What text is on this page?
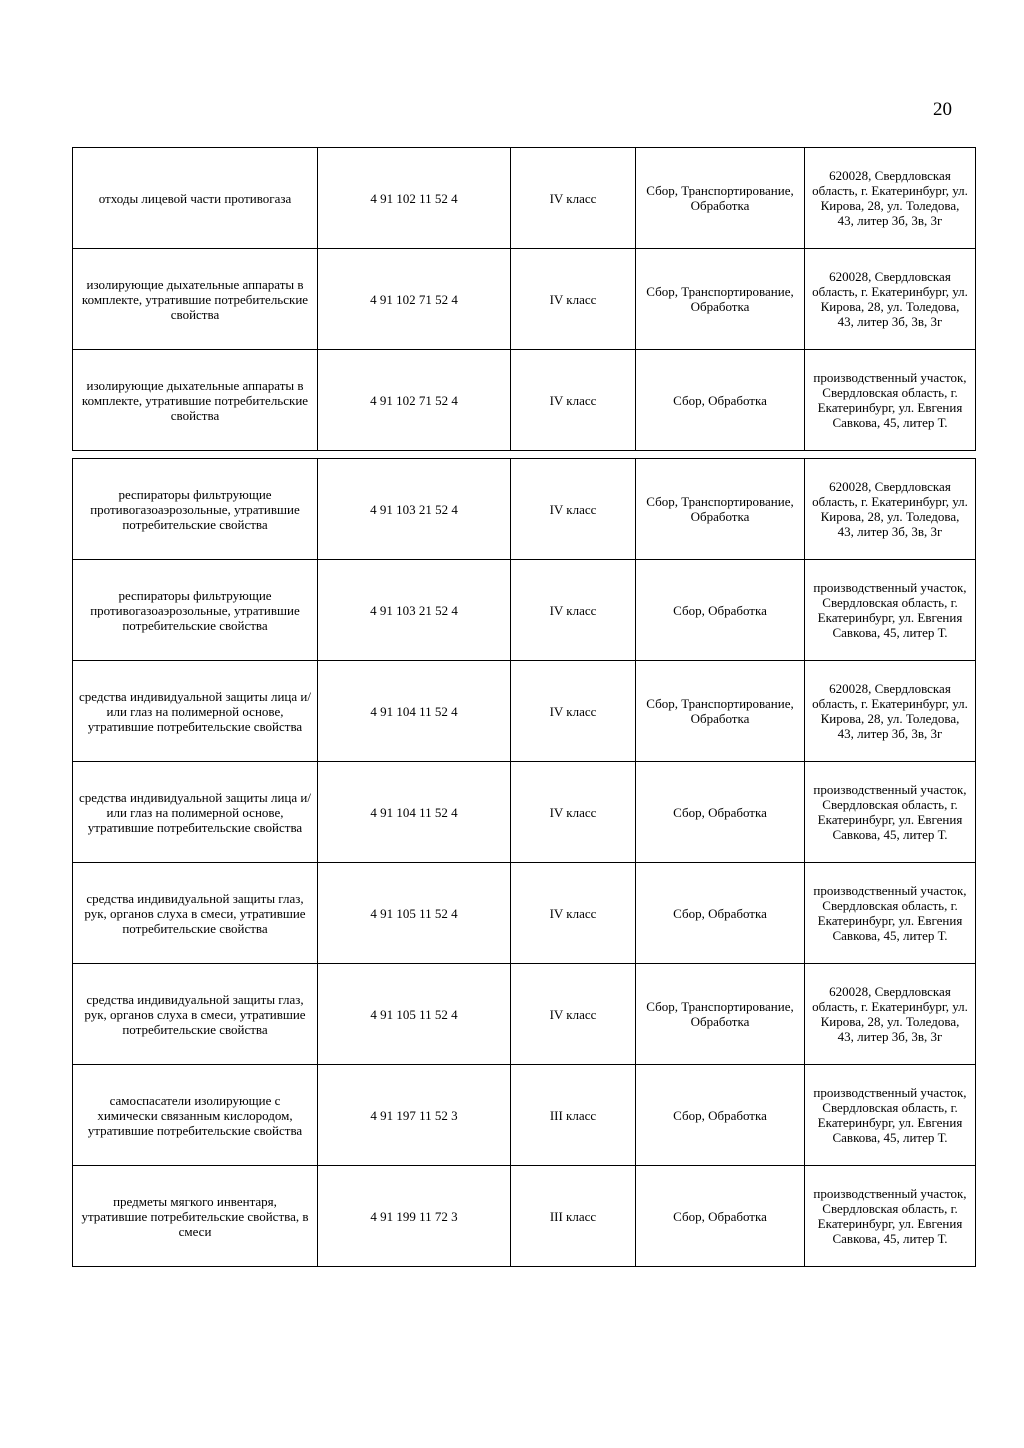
20
отходы лицевой части противогаза	4 91 102 11 52 4	IV класс	Сбор, Транспортирование, Обработка	620028, Свердловская область, г. Екатеринбург, ул. Кирова, 28, ул. Толедова, 43, литер 3б, 3в, 3г
изолирующие дыхательные аппараты в комплекте, утратившие потребительские свойства	4 91 102 71 52 4	IV класс	Сбор, Транспортирование, Обработка	620028, Свердловская область, г. Екатеринбург, ул. Кирова, 28, ул. Толедова, 43, литер 3б, 3в, 3г
изолирующие дыхательные аппараты в комплекте, утратившие потребительские свойства	4 91 102 71 52 4	IV класс	Сбор, Обработка	производственный участок, Свердловская область, г. Екатеринбург, ул. Евгения Савкова, 45, литер Т.
респираторы фильтрующие противогазоаэрозольные, утратившие потребительские свойства	4 91 103 21 52 4	IV класс	Сбор, Транспортирование, Обработка	620028, Свердловская область, г. Екатеринбург, ул. Кирова, 28, ул. Толедова, 43, литер 3б, 3в, 3г
респираторы фильтрующие противогазоаэрозольные, утратившие потребительские свойства	4 91 103 21 52 4	IV класс	Сбор, Обработка	производственный участок, Свердловская область, г. Екатеринбург, ул. Евгения Савкова, 45, литер Т.
средства индивидуальной защиты лица и/или глаз на полимерной основе, утратившие потребительские свойства	4 91 104 11 52 4	IV класс	Сбор, Транспортирование, Обработка	620028, Свердловская область, г. Екатеринбург, ул. Кирова, 28, ул. Толедова, 43, литер 3б, 3в, 3г
средства индивидуальной защиты лица и/или глаз на полимерной основе, утратившие потребительские свойства	4 91 104 11 52 4	IV класс	Сбор, Обработка	производственный участок, Свердловская область, г. Екатеринбург, ул. Евгения Савкова, 45, литер Т.
средства индивидуальной защиты глаз, рук, органов слуха в смеси, утратившие потребительские свойства	4 91 105 11 52 4	IV класс	Сбор, Обработка	производственный участок, Свердловская область, г. Екатеринбург, ул. Евгения Савкова, 45, литер Т.
средства индивидуальной защиты глаз, рук, органов слуха в смеси, утратившие потребительские свойства	4 91 105 11 52 4	IV класс	Сбор, Транспортирование, Обработка	620028, Свердловская область, г. Екатеринбург, ул. Кирова, 28, ул. Толедова, 43, литер 3б, 3в, 3г
самоспасатели изолирующие с химически связанным кислородом, утратившие потребительские свойства	4 91 197 11 52 3	III класс	Сбор, Обработка	производственный участок, Свердловская область, г. Екатеринбург, ул. Евгения Савкова, 45, литер Т.
предметы мягкого инвентаря, утратившие потребительские свойства, в смеси	4 91 199 11 72 3	III класс	Сбор, Обработка	производственный участок, Свердловская область, г. Екатеринбург, ул. Евгения Савкова, 45, литер Т.
